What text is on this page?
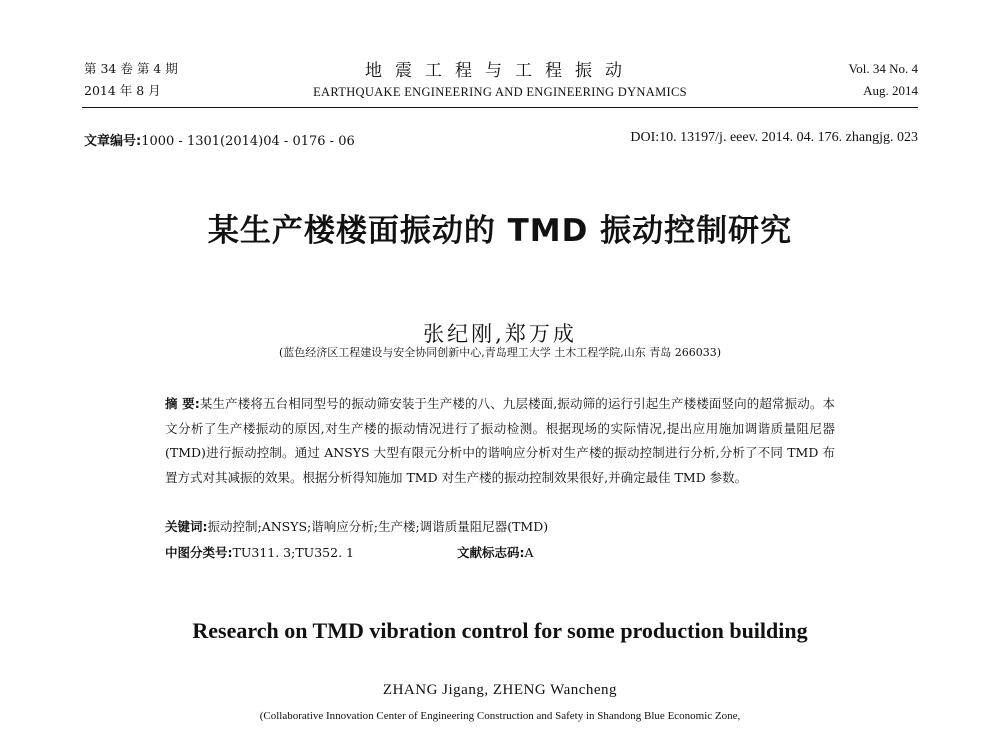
第 34 卷 第 4 期
2014 年 8 月
地震工程与工程振动
EARTHQUAKE ENGINEERING AND ENGINEERING DYNAMICS
Vol. 34 No. 4
Aug. 2014
文章编号:1000 - 1301(2014)04 - 0176 - 06	DOI:10. 13197/j. eeev. 2014. 04. 176. zhangjg. 023
某生产楼楼面振动的 TMD 振动控制研究
张纪刚,郑万成
(蓝色经济区工程建设与安全协同创新中心,青岛理工大学 土木工程学院,山东 青岛 266033)
摘 要:某生产楼将五台相同型号的振动筛安装于生产楼的八、九层楼面,振动筛的运行引起生产楼楼面竖向的超常振动。本文分析了生产楼振动的原因,对生产楼的振动情况进行了振动检测。根据现场的实际情况,提出应用施加调谐质量阻尼器(TMD)进行振动控制。通过 ANSYS 大型有限元分析中的谐响应分析对生产楼的振动控制进行分析,分析了不同 TMD 布置方式对其减振的效果。根据分析得知施加 TMD 对生产楼的振动控制效果很好,并确定最佳 TMD 参数。
关键词:振动控制;ANSYS;谐响应分析;生产楼;调谐质量阻尼器(TMD)
中图分类号:TU311. 3;TU352. 1	文献标志码:A
Research on TMD vibration control for some production building
ZHANG Jigang, ZHENG Wancheng
(Collaborative Innovation Center of Engineering Construction and Safety in Shandong Blue Economic Zone,
